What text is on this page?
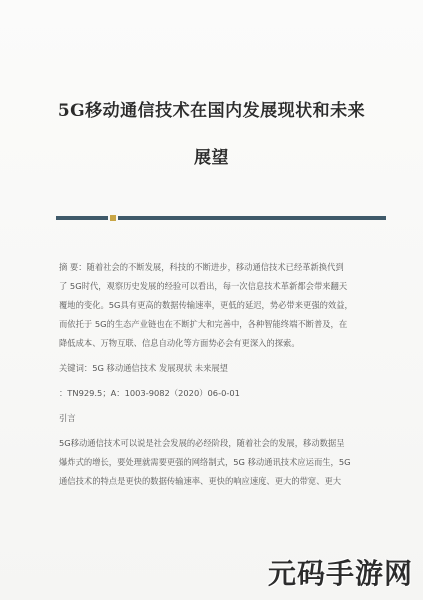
5G移动通信技术在国内发展现状和未来
展望
摘 要：随着社会的不断发展，科技的不断进步，移动通信技术已经革新换代到
了 5G时代，观察历史发展的经验可以看出，每一次信息技术革新都会带来翻天
覆地的变化。5G具有更高的数据传输速率，更低的延迟，势必带来更强的效益，
而依托于 5G的生态产业链也在不断扩大和完善中，各种智能终端不断普及，在
降低成本、万物互联、信息自动化等方面势必会有更深入的探索。
关键词：5G 移动通信技术 发展现状 未来展望
：TN929.5；A：1003-9082（2020）06-0-01
引言
5G移动通信技术可以说是社会发展的必经阶段，随着社会的发展，移动数据呈
爆炸式的增长，要处理就需要更强的网络制式，5G 移动通讯技术应运而生，5G
通信技术的特点是更快的数据传输速率、更快的响应速度、更大的带宽、更大
元码手游网
